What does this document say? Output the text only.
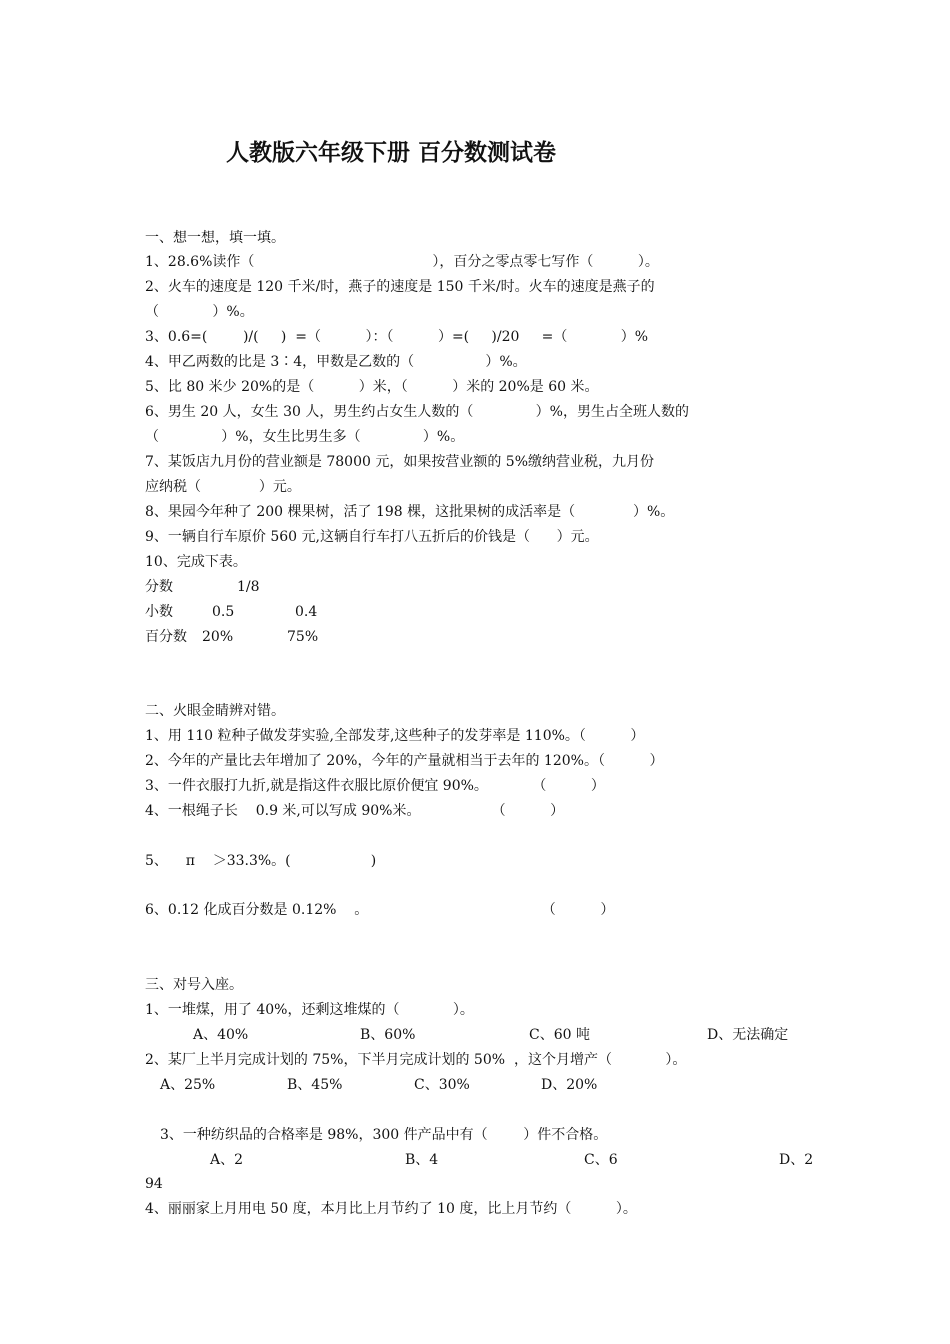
人教版六年级下册 百分数测试卷
一、想一想，填一填。
1、28.6%读作（                                        ），百分之零点零七写作（          ）。
2、火车的速度是 120 千米/时，燕子的速度是 150 千米/时。火车的速度是燕子的
（            ）%。
3、0.6=(        )/(     )  =（          ）：（          ）=(     )/20     =（            ）%
4、甲乙两数的比是 3∶4，甲数是乙数的（                ）%。
5、比 80 米少 20%的是（          ）米，（          ）米的 20%是 60 米。
6、男生 20 人，女生 30 人，男生约占女生人数的（              ）%，男生占全班人数的
（              ）%，女生比男生多（              ）%。
7、某饭店九月份的营业额是 78000 元，如果按营业额的 5%缴纳营业税，九月份
应纳税（             ）元。
8、果园今年种了 200 棵果树，活了 198 棵，这批果树的成活率是（             ）%。
9、一辆自行车原价 560 元,这辆自行车打八五折后的价钱是（      ）元。
10、完成下表。
分数	1/8
小数	0.5	0.4
百分数 20%	75%
二、火眼金睛辨对错。
1、用 110 粒种子做发芽实验,全部发芽,这些种子的发芽率是 110%。（          ）
2、今年的产量比去年增加了 20%，今年的产量就相当于去年的 120%。（          ）
3、一件衣服打九折,就是指这件衣服比原价便宜 90%。          （          ）
4、一根绳子长    0.9 米,可以写成 90%米。                （          ）
5、    π    ＞33.3%。(                  )
6、0.12 化成百分数是 0.12%    。                                       （          ）
三、对号入座。
1、一堆煤，用了 40%，还剩这堆煤的（            ）。
A、40%	B、60%	C、60 吨	D、无法确定
2、某厂上半月完成计划的 75%，下半月完成计划的 50%  ，这个月增产（            ）。
A、25%	B、45%	C、30%	D、20%
3、一种纺织品的合格率是 98%，300 件产品中有（        ）件不合格。
A、2	B、4	C、6	D、2
94
4、丽丽家上月用电 50 度，本月比上月节约了 10 度，比上月节约（          ）。
